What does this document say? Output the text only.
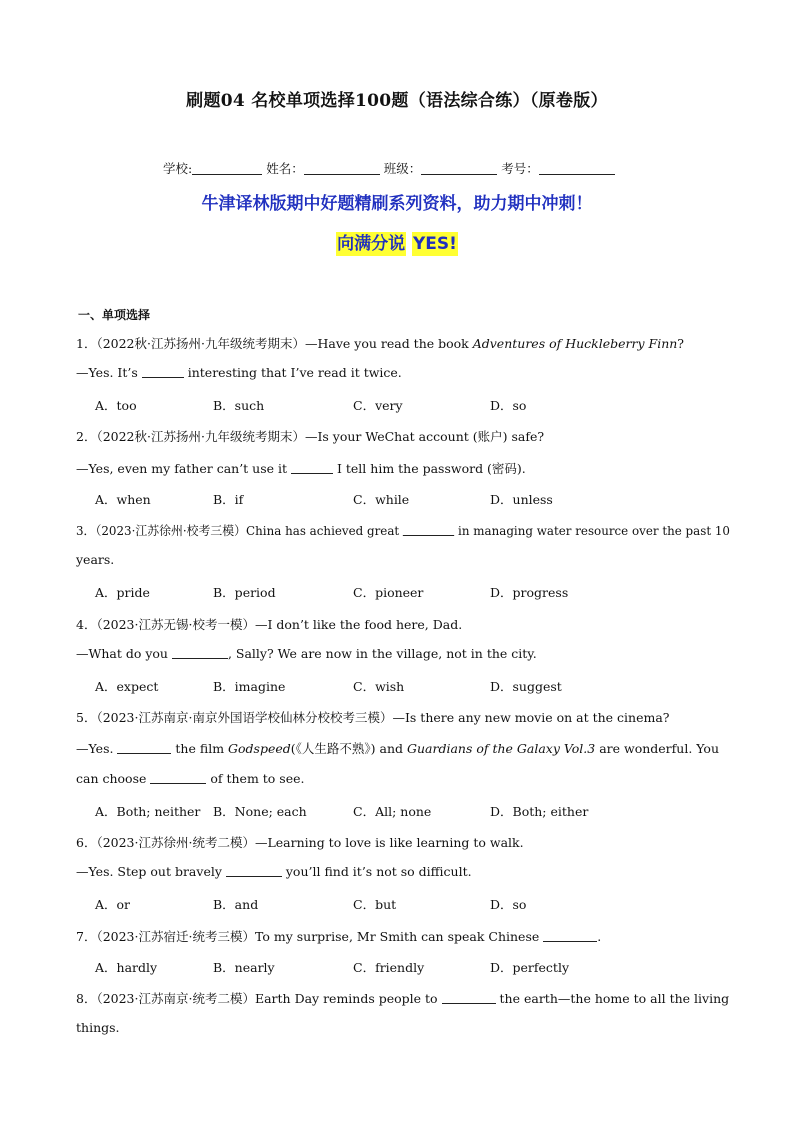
刷题04 名校单项选择100题（语法综合练）（原卷版）
学校:	姓名：	班级：	考号：
牛津译林版期中好题精刷系列资料，助力期中冲刺！
向满分说 YES!
一、单项选择
1．（2022秋·江苏扬州·九年级统考期末）—Have you read the book Adventures of Huckleberry Finn?
—Yes. It’s	interesting that I’ve read it twice.
A．too	B．such	C．very	D．so
2．（2022秋·江苏扬州·九年级统考期末）—Is your WeChat account (账户) safe?
—Yes, even my father can’t use it	I tell him the password (密码).
A．when	B．if	C．while	D．unless
3．（2023·江苏徐州·校考三模）China has achieved great	in managing water resource over the past 10
years.
A．pride	B．period	C．pioneer	D．progress
4．（2023·江苏无锡·校考一模）—I don’t like the food here, Dad.
—What do you	, Sally? We are now in the village, not in the city.
A．expect	B．imagine	C．wish	D．suggest
5．（2023·江苏南京·南京外国语学校仙林分校校考三模）—Is there any new movie on at the cinema?
—Yes.	the film Godspeed(《人生路不熟》) and Guardians of the Galaxy Vol.3 are wonderful. You
can choose	of them to see.
A．Both; neither B．None; each	C．All; none	D．Both; either
6．（2023·江苏徐州·统考二模）—Learning to love is like learning to walk.
—Yes. Step out bravely	you’ll find it’s not so difficult.
A．or	B．and	C．but	D．so
7．（2023·江苏宿迁·统考三模）To my surprise, Mr Smith can speak Chinese	.
A．hardly	B．nearly	C．friendly	D．perfectly
8．（2023·江苏南京·统考二模）Earth Day reminds people to	the earth—the home to all the living
things.
